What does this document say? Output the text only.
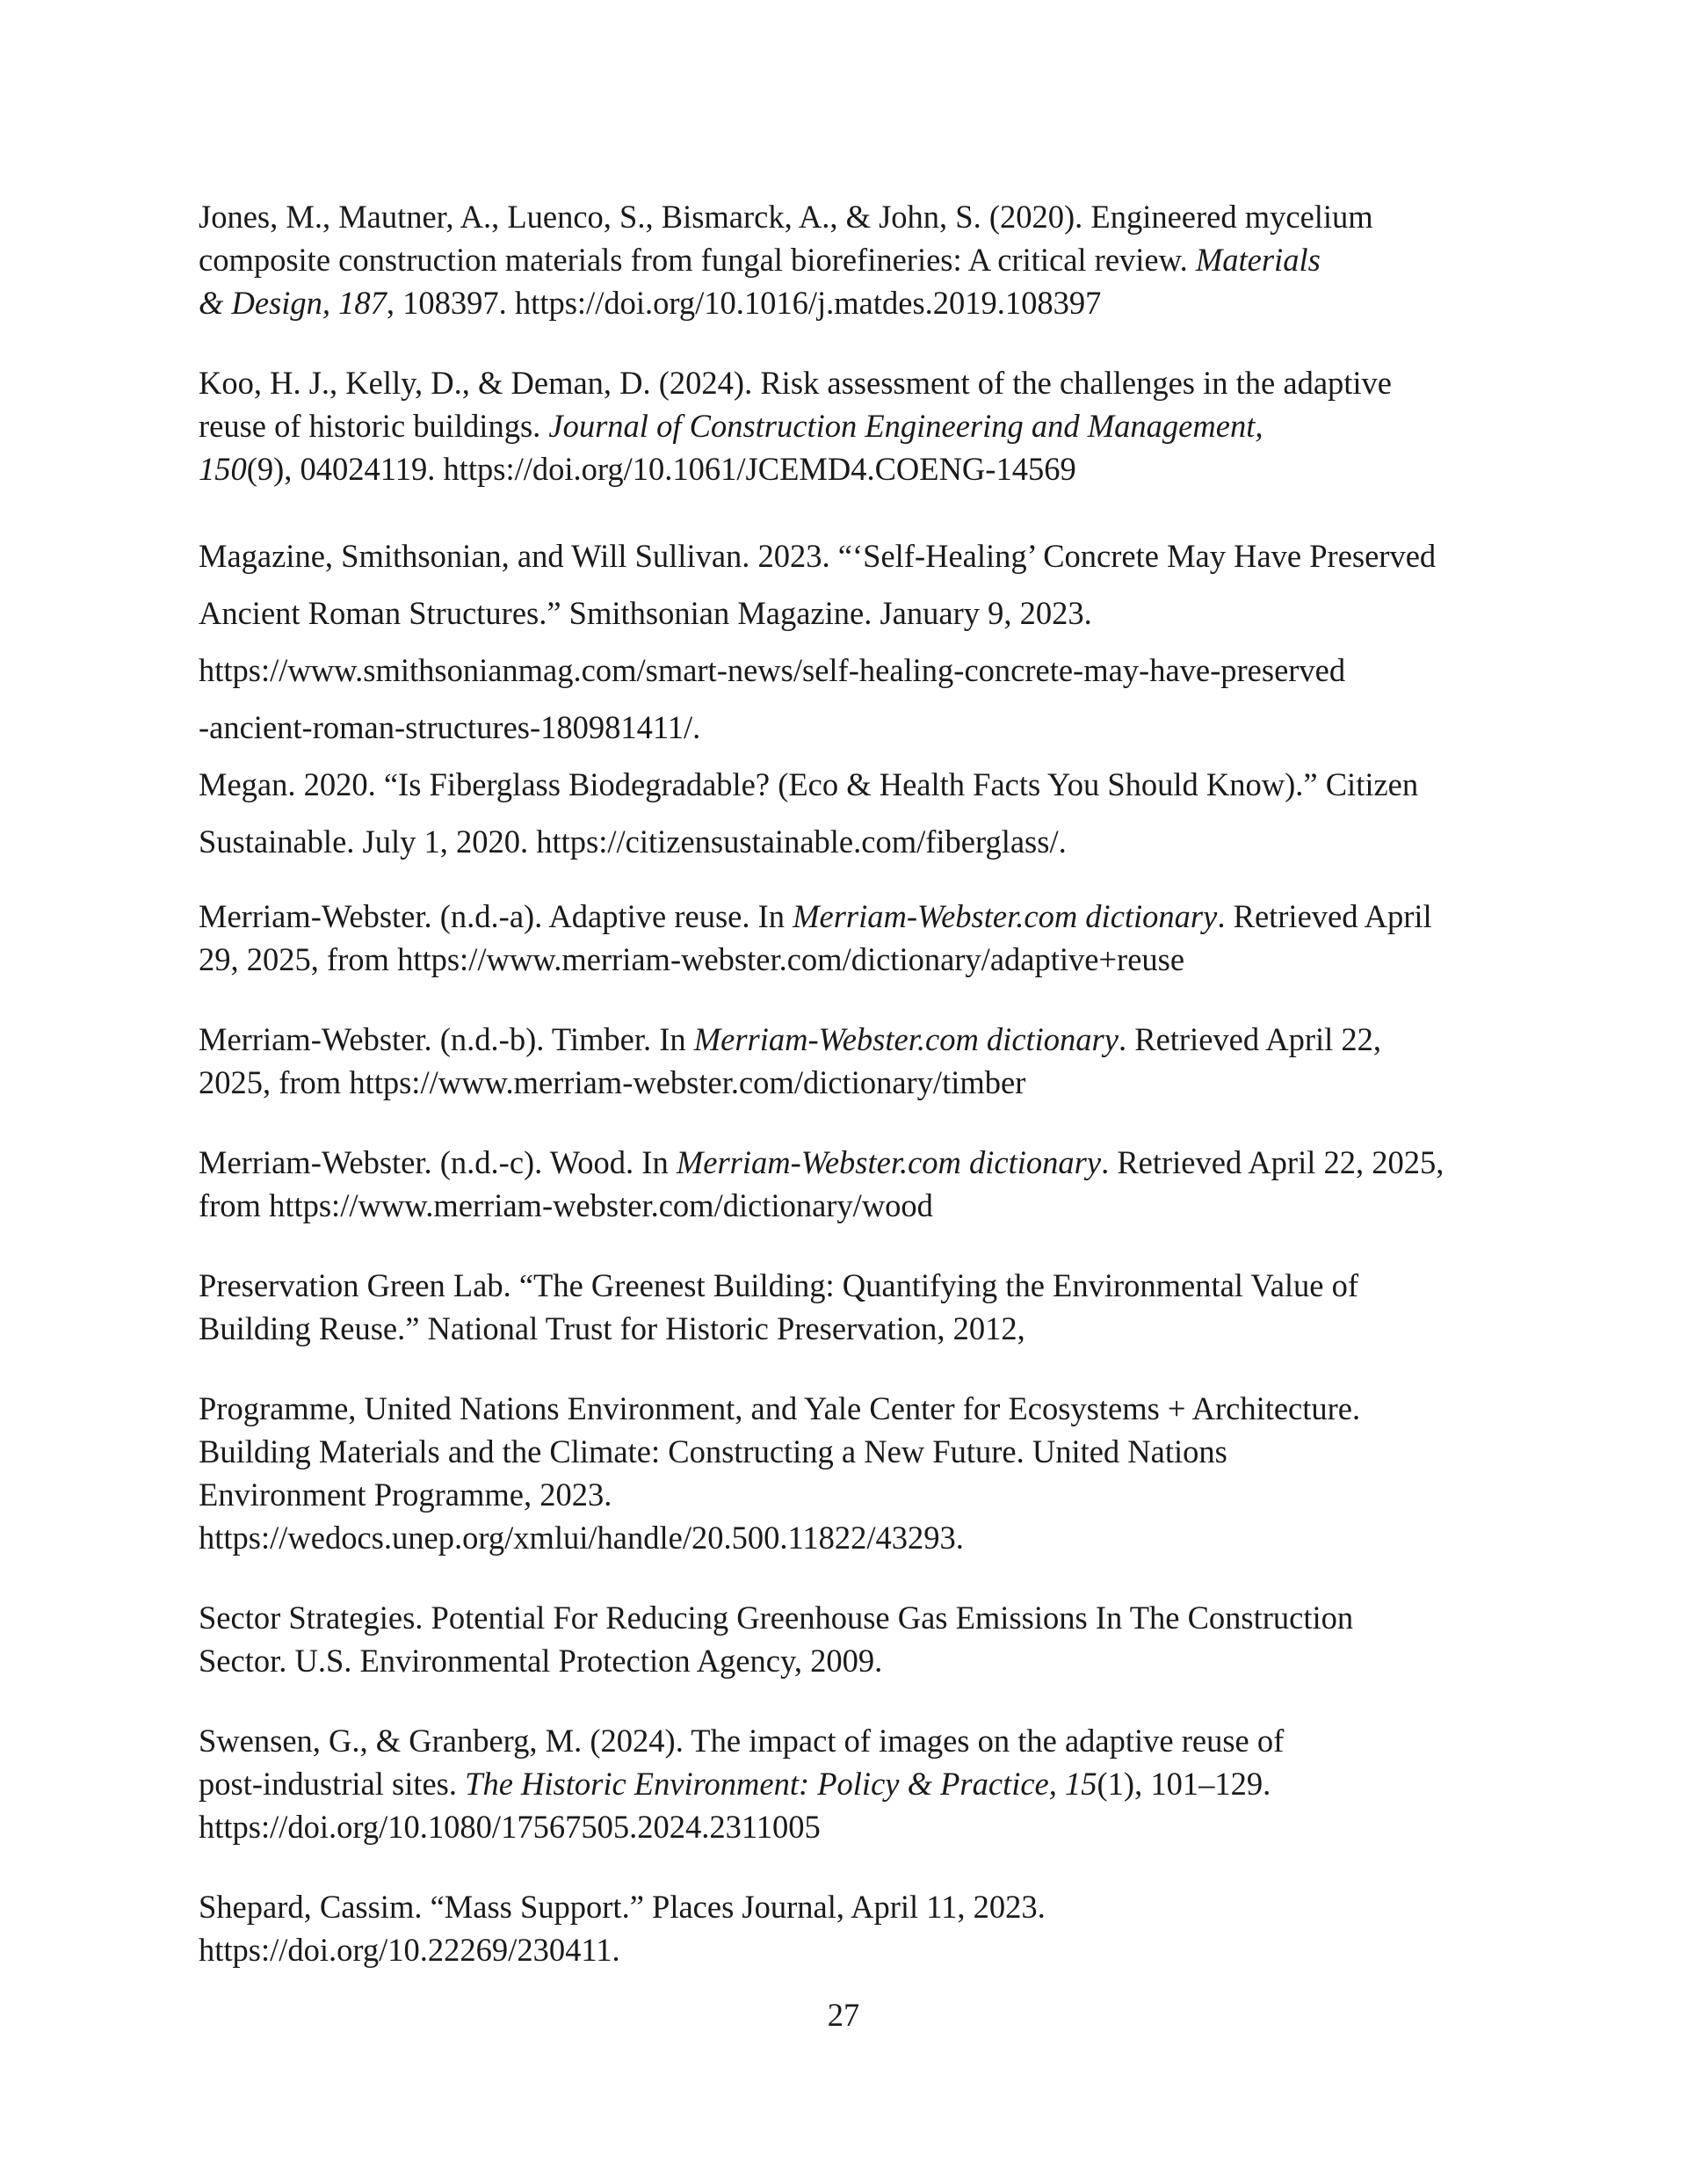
Jones, M., Mautner, A., Luenco, S., Bismarck, A., & John, S. (2020). Engineered mycelium
composite construction materials from fungal biorefineries: A critical review. Materials
& Design, 187, 108397. https://doi.org/10.1016/j.matdes.2019.108397
Koo, H. J., Kelly, D., & Deman, D. (2024). Risk assessment of the challenges in the adaptive
reuse of historic buildings. Journal of Construction Engineering and Management,
150(9), 04024119. https://doi.org/10.1061/JCEMD4.COENG-14569
Magazine, Smithsonian, and Will Sullivan. 2023. “‘Self-Healing’ Concrete May Have Preserved
Ancient Roman Structures.” Smithsonian Magazine. January 9, 2023.
https://www.smithsonianmag.com/smart-news/self-healing-concrete-may-have-preserved
-ancient-roman-structures-180981411/.
Megan. 2020. “Is Fiberglass Biodegradable? (Eco & Health Facts You Should Know).” Citizen
Sustainable. July 1, 2020. https://citizensustainable.com/fiberglass/.
Merriam-Webster. (n.d.-a). Adaptive reuse. In Merriam-Webster.com dictionary. Retrieved April
29, 2025, from https://www.merriam-webster.com/dictionary/adaptive+reuse
Merriam-Webster. (n.d.-b). Timber. In Merriam-Webster.com dictionary. Retrieved April 22,
2025, from https://www.merriam-webster.com/dictionary/timber
Merriam-Webster. (n.d.-c). Wood. In Merriam-Webster.com dictionary. Retrieved April 22, 2025,
from https://www.merriam-webster.com/dictionary/wood
Preservation Green Lab. “The Greenest Building: Quantifying the Environmental Value of
Building Reuse.” National Trust for Historic Preservation, 2012,
Programme, United Nations Environment, and Yale Center for Ecosystems + Architecture.
Building Materials and the Climate: Constructing a New Future. United Nations
Environment Programme, 2023.
https://wedocs.unep.org/xmlui/handle/20.500.11822/43293.
Sector Strategies. Potential For Reducing Greenhouse Gas Emissions In The Construction
Sector. U.S. Environmental Protection Agency, 2009.
Swensen, G., & Granberg, M. (2024). The impact of images on the adaptive reuse of
post-industrial sites. The Historic Environment: Policy & Practice, 15(1), 101–129.
https://doi.org/10.1080/17567505.2024.2311005
Shepard, Cassim. “Mass Support.” Places Journal, April 11, 2023.
https://doi.org/10.22269/230411.
27
